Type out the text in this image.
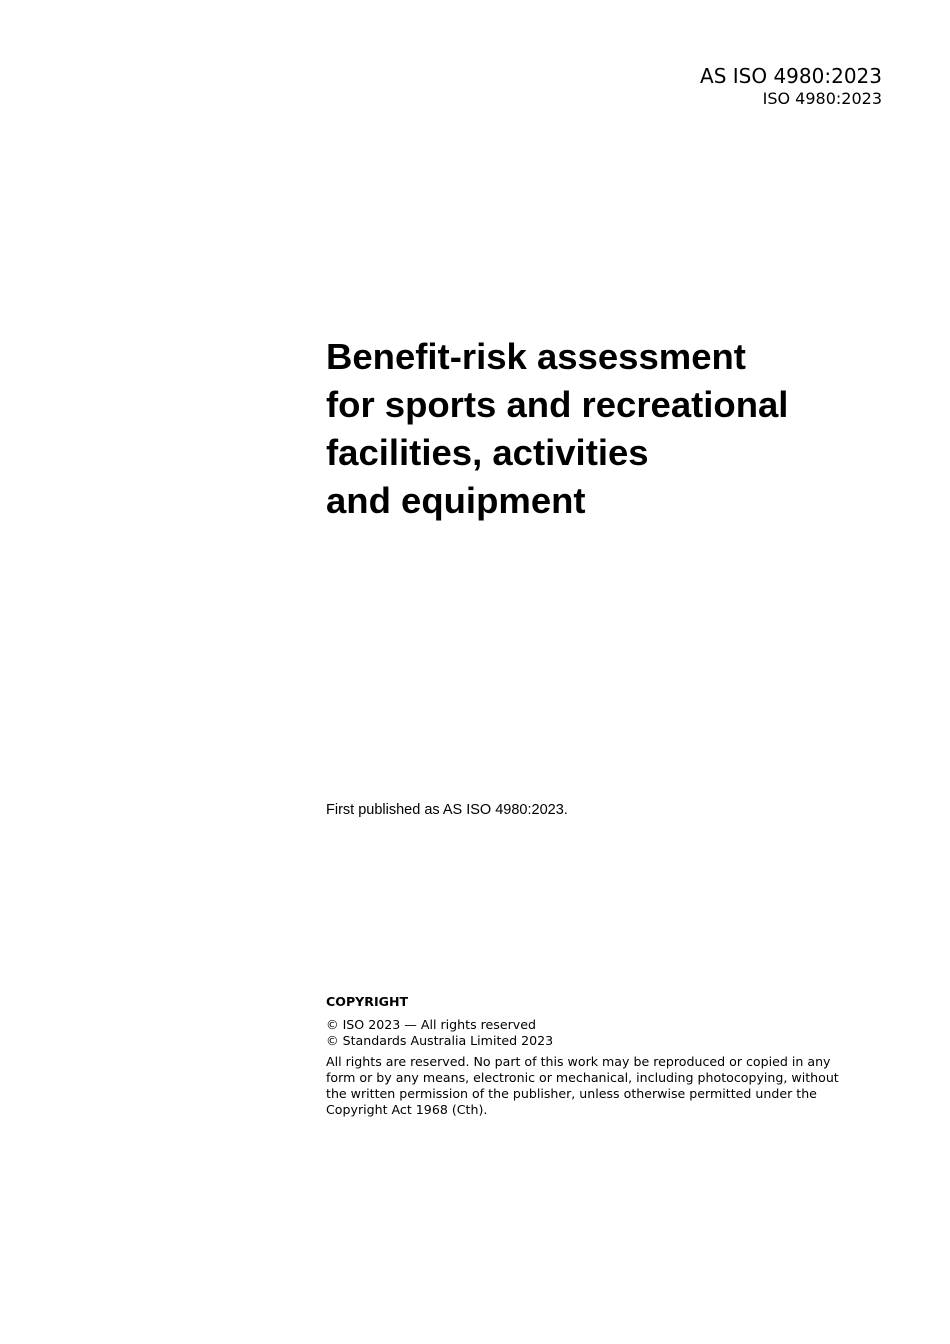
AS ISO 4980:2023
ISO 4980:2023
Benefit-risk assessment
for sports and recreational
facilities, activities
and equipment
First published as AS ISO 4980:2023.
COPYRIGHT
© ISO 2023 — All rights reserved
© Standards Australia Limited 2023
All rights are reserved. No part of this work may be reproduced or copied in any form or by any means, electronic or mechanical, including photocopying, without the written permission of the publisher, unless otherwise permitted under the Copyright Act 1968 (Cth).
